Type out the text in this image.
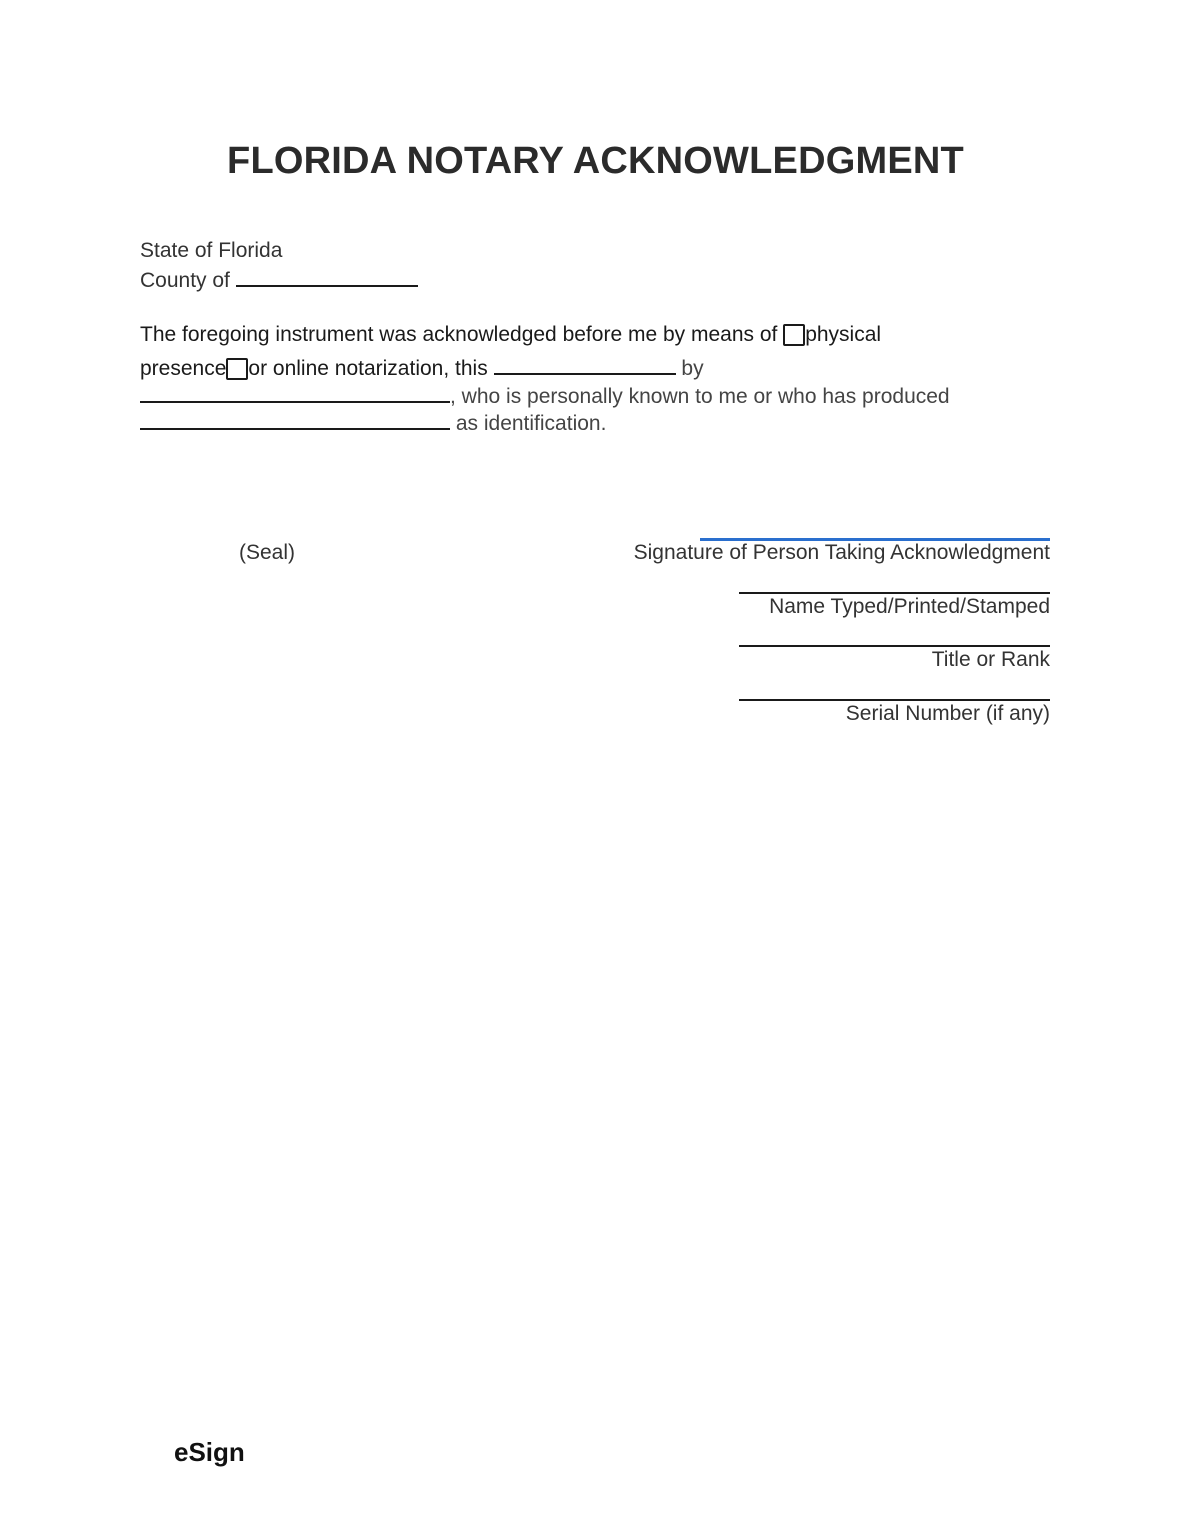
FLORIDA NOTARY ACKNOWLEDGMENT
State of Florida
County of
The foregoing instrument was acknowledged before me by means of physical
presence or online notarization, this	by
, who is personally known to me or who has produced
as identification.
(Seal)	Signature of Person Taking Acknowledgment
Name Typed/Printed/Stamped
Title or Rank
Serial Number (if any)
eSign
